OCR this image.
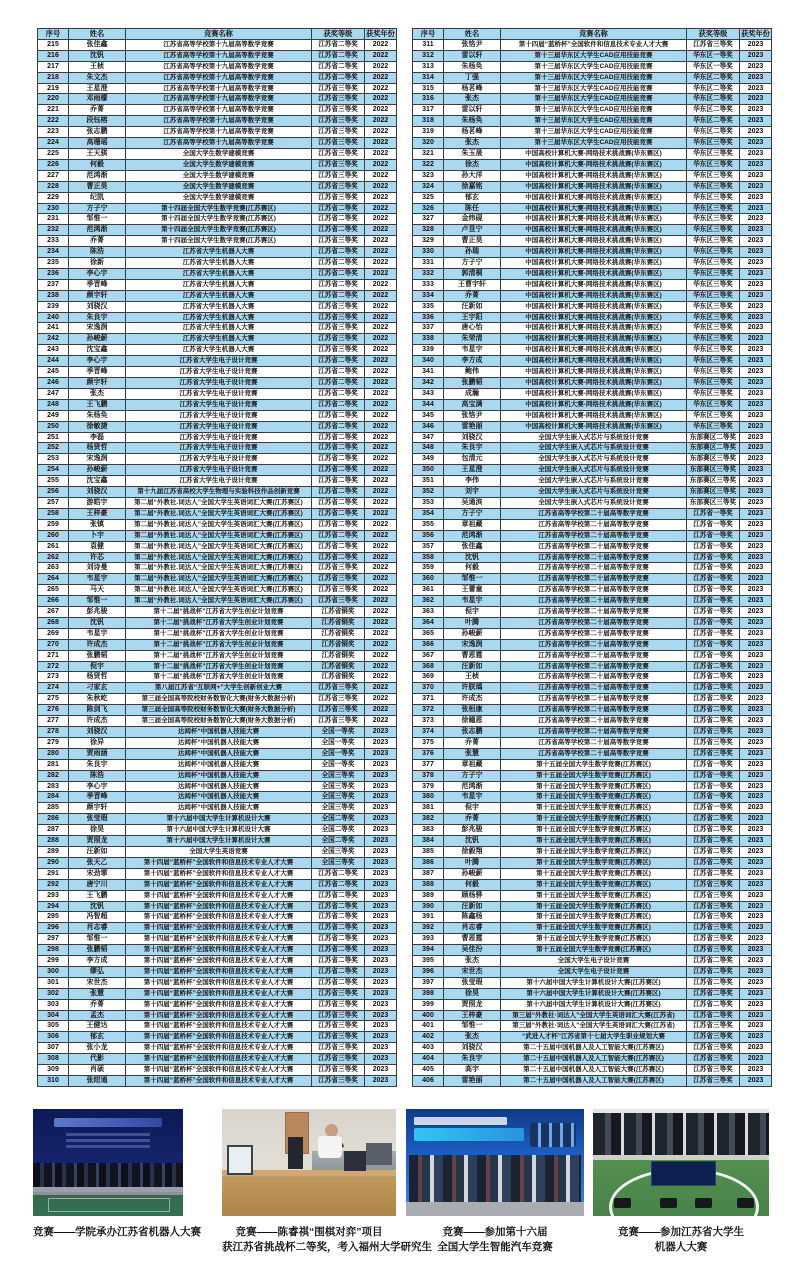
序号	姓名	竞赛名称	获奖等级	获奖年份
215	张佳鑫	江苏省高等学校第十九届高等数学竞赛	江苏省二等奖	2022
216	沈钒	江苏省高等学校第十九届高等数学竞赛	江苏省二等奖	2022
217	王桢	江苏省高等学校第十九届高等数学竞赛	江苏省二等奖	2022
218	朱文杰	江苏省高等学校第十九届高等数学竞赛	江苏省二等奖	2022
219	王星澄	江苏省高等学校第十九届高等数学竞赛	江苏省三等奖	2022
220	邓雨檬	江苏省高等学校第十九届高等数学竞赛	江苏省三等奖	2022
221	乔菁	江苏省高等学校第十九届高等数学竞赛	江苏省三等奖	2022
222	段钰榕	江苏省高等学校第十九届高等数学竞赛	江苏省三等奖	2022
223	张志鹏	江苏省高等学校第十九届高等数学竞赛	江苏省三等奖	2022
224	高珊瑶	江苏省高等学校第十九届高等数学竞赛	江苏省三等奖	2022
225	王天骐	全国大学生数学建模竞赛	江苏省三等奖	2022
226	何毅	全国大学生数学建模竞赛	江苏省三等奖	2022
227	范鸿渐	全国大学生数学建模竞赛	江苏省三等奖	2022
228	曹正昊	全国大学生数学建模竞赛	江苏省三等奖	2022
229	纪凯	全国大学生数学建模竞赛	江苏省三等奖	2022
230	方子宁	第十四届全国大学生数学竞赛(江苏赛区)	江苏省二等奖	2022
231	邹惟一	第十四届全国大学生数学竞赛(江苏赛区)	江苏省二等奖	2022
232	范鸿渐	第十四届全国大学生数学竞赛(江苏赛区)	江苏省二等奖	2022
233	乔菁	第十四届全国大学生数学竞赛(江苏赛区)	江苏省三等奖	2022
234	陈浩	江苏省大学生机器人大赛	江苏省二等奖	2022
235	徐新	江苏省大学生机器人大赛	江苏省二等奖	2022
236	李心宇	江苏省大学生机器人大赛	江苏省二等奖	2022
237	季晋峰	江苏省大学生机器人大赛	江苏省二等奖	2022
238	颜宇轩	江苏省大学生机器人大赛	江苏省二等奖	2022
239	刘骁汉	江苏省大学生机器人大赛	江苏省三等奖	2022
240	朱良宇	江苏省大学生机器人大赛	江苏省三等奖	2022
241	宋逸润	江苏省大学生机器人大赛	江苏省三等奖	2022
242	孙峻薪	江苏省大学生机器人大赛	江苏省三等奖	2022
243	沈宝鑫	江苏省大学生机器人大赛	江苏省三等奖	2022
244	李心宇	江苏省大学生电子设计竞赛	江苏省二等奖	2022
245	季晋峰	江苏省大学生电子设计竞赛	江苏省二等奖	2022
246	颜宇轩	江苏省大学生电子设计竞赛	江苏省二等奖	2022
247	张杰	江苏省大学生电子设计竞赛	江苏省二等奖	2022
248	王飞鹏	江苏省大学生电子设计竞赛	江苏省二等奖	2022
249	朱杨奂	江苏省大学生电子设计竞赛	江苏省二等奖	2022
250	徐敏捷	江苏省大学生电子设计竞赛	江苏省二等奖	2022
251	李磊	江苏省大学生电子设计竞赛	江苏省二等奖	2022
252	杨贤哲	江苏省大学生电子设计竞赛	江苏省二等奖	2022
253	宋逸润	江苏省大学生电子设计竞赛	江苏省二等奖	2022
254	孙峻薪	江苏省大学生电子设计竞赛	江苏省二等奖	2022
255	沈宝鑫	江苏省大学生电子设计竞赛	江苏省二等奖	2022
256	刘骁汉	第十九届江苏省高校大学生物理与实验科技作品创新竞赛	江苏省二等奖	2022
257	游皓宇	第二届“外教社.词达人”全国大学生英语词汇大赛(江苏赛区)	江苏省二等奖	2022
258	王梓豪	第二届“外教社.词达人”全国大学生英语词汇大赛(江苏赛区)	江苏省二等奖	2022
259	张镇	第二届“外教社.词达人”全国大学生英语词汇大赛(江苏赛区)	江苏省二等奖	2022
260	卜宇	第二届“外教社.词达人”全国大学生英语词汇大赛(江苏赛区)	江苏省二等奖	2022
261	袁健	第二届“外教社.词达人”全国大学生英语词汇大赛(江苏赛区)	江苏省二等奖	2022
262	许芯	第二届“外教社.词达人”全国大学生英语词汇大赛(江苏赛区)	江苏省二等奖	2022
263	刘诗曼	第二届“外教社.词达人”全国大学生英语词汇大赛(江苏赛区)	江苏省三等奖	2022
264	韦星宇	第二届“外教社.词达人”全国大学生英语词汇大赛(江苏赛区)	江苏省三等奖	2022
265	马天	第二届“外教社.词达人”全国大学生英语词汇大赛(江苏赛区)	江苏省三等奖	2022
266	邹惟一	第二届“外教社.词达人”全国大学生英语词汇大赛(江苏赛区)	江苏省三等奖	2022
267	彭兆骏	第十二届“挑战杯”江苏省大学生创业计划竞赛	江苏省铜奖	2022
268	沈钒	第十二届“挑战杯”江苏省大学生创业计划竞赛	江苏省铜奖	2022
269	韦星宇	第十二届“挑战杯”江苏省大学生创业计划竞赛	江苏省铜奖	2022
270	许成杰	第十二届“挑战杯”江苏省大学生创业计划竞赛	江苏省铜奖	2022
271	张鹏韬	第十二届“挑战杯”江苏省大学生创业计划竞赛	江苏省铜奖	2022
272	倪宇	第十二届“挑战杯”江苏省大学生创业计划竞赛	江苏省铜奖	2022
273	杨贤哲	第十二届“挑战杯”江苏省大学生创业计划竞赛	江苏省铜奖	2022
274	刁家玄	第八届江苏省“互联网+”大学生创新创业大赛	江苏省三等奖	2022
275	朱秋屹	第三届全国高等院校财务数智化大赛(财务大数据分析)	江苏省三等奖	2022
276	陈剑飞	第三届全国高等院校财务数智化大赛(财务大数据分析)	江苏省三等奖	2022
277	许成杰	第三届全国高等院校财务数智化大赛(财务大数据分析)	江苏省三等奖	2022
278	刘骁汉	达闼杯“中国机器人技能大赛	全国一等奖	2023
279	徐异	达闼杯“中国机器人技能大赛	全国一等奖	2023
280	贾雨涵	达闼杯“中国机器人技能大赛	全国一等奖	2023
281	朱良宇	达闼杯“中国机器人技能大赛	全国一等奖	2023
282	陈浩	达闼杯“中国机器人技能大赛	全国三等奖	2023
283	李心宇	达闼杯“中国机器人技能大赛	全国三等奖	2023
284	季晋峰	达闼杯“中国机器人技能大赛	全国三等奖	2023
285	颜宇轩	达闼杯“中国机器人技能大赛	全国三等奖	2023
286	张莹瑕	第十六届中国大学生计算机设计大赛	全国二等奖	2023
287	徐昊	第十六届中国大学生计算机设计大赛	全国二等奖	2023
288	贾照龙	第十六届中国大学生计算机设计大赛	全国二等奖	2023
289	汪新如	全国大学生英语竞赛	全国三等奖	2023
290	张天乙	第十四届“蓝桥杯”全国软件和信息技术专业人才大赛	全国三等奖	2023
291	宋劲霏	第十四届“蓝桥杯”全国软件和信息技术专业人才大赛	江苏省二等奖	2023
292	唐宁川	第十四届“蓝桥杯”全国软件和信息技术专业人才大赛	江苏省二等奖	2023
293	王飞鹏	第十四届“蓝桥杯”全国软件和信息技术专业人才大赛	江苏省二等奖	2023
294	沈钒	第十四届“蓝桥杯”全国软件和信息技术专业人才大赛	江苏省二等奖	2023
295	冯智超	第十四届“蓝桥杯”全国软件和信息技术专业人才大赛	江苏省二等奖	2023
296	肖志睿	第十四届“蓝桥杯”全国软件和信息技术专业人才大赛	江苏省二等奖	2023
297	邹惟一	第十四届“蓝桥杯”全国软件和信息技术专业人才大赛	江苏省二等奖	2023
298	张鹏韬	第十四届“蓝桥杯”全国软件和信息技术专业人才大赛	江苏省二等奖	2023
299	李方成	第十四届“蓝桥杯”全国软件和信息技术专业人才大赛	江苏省二等奖	2023
300	缪弘	第十四届“蓝桥杯”全国软件和信息技术专业人才大赛	江苏省二等奖	2023
301	宋世杰	第十四届“蓝桥杯”全国软件和信息技术专业人才大赛	江苏省二等奖	2023
302	张慧	第十四届“蓝桥杯”全国软件和信息技术专业人才大赛	江苏省三等奖	2023
303	乔菁	第十四届“蓝桥杯”全国软件和信息技术专业人才大赛	江苏省三等奖	2023
304	孟杰	第十四届“蓝桥杯”全国软件和信息技术专业人才大赛	江苏省三等奖	2023
305	王健达	第十四届“蓝桥杯”全国软件和信息技术专业人才大赛	江苏省三等奖	2023
306	郁玄	第十四届“蓝桥杯”全国软件和信息技术专业人才大赛	江苏省三等奖	2023
307	张小龙	第十四届“蓝桥杯”全国软件和信息技术专业人才大赛	江苏省三等奖	2023
308	代影	第十四届“蓝桥杯”全国软件和信息技术专业人才大赛	江苏省三等奖	2023
309	肖硕	第十四届“蓝桥杯”全国软件和信息技术专业人才大赛	江苏省三等奖	2023
310	张绀通	第十四届“蓝桥杯”全国软件和信息技术专业人才大赛	江苏省三等奖	2023
序号	姓名	竞赛名称	获奖等级	获奖年份
311	张恪尹	第十四届“蓝桥杯”全国软件和信息技术专业人才大赛	江苏省三等奖	2023
312	雷以轩	第十三届华东区大学生CAD应用技能竞赛	华东区一等奖	2023
313	朱杨奂	第十三届华东区大学生CAD应用技能竞赛	华东区一等奖	2023
314	丁强	第十三届华东区大学生CAD应用技能竞赛	华东区二等奖	2023
315	杨茗峰	第十三届华东区大学生CAD应用技能竞赛	华东区二等奖	2023
316	张杰	第十三届华东区大学生CAD应用技能竞赛	华东区二等奖	2023
317	雷以轩	第十三届华东区大学生CAD应用技能竞赛	华东区二等奖	2023
318	朱杨奂	第十三届华东区大学生CAD应用技能竞赛	华东区二等奖	2023
319	杨茗峰	第十三届华东区大学生CAD应用技能竞赛	华东区二等奖	2023
320	张杰	第十三届华东区大学生CAD应用技能竞赛	华东区三等奖	2023
321	朱玉晟	中国高校计算机大赛-网络技术挑战赛(华东赛区)	华东区三等奖	2023
322	徐杰	中国高校计算机大赛-网络技术挑战赛(华东赛区)	华东区三等奖	2023
323	孙大洋	中国高校计算机大赛-网络技术挑战赛(华东赛区)	华东区三等奖	2023
324	徐嘉铭	中国高校计算机大赛-网络技术挑战赛(华东赛区)	华东区三等奖	2023
325	郁玄	中国高校计算机大赛-网络技术挑战赛(华东赛区)	华东区三等奖	2023
326	陈任	中国高校计算机大赛-网络技术挑战赛(华东赛区)	华东区三等奖	2023
327	金炜砚	中国高校计算机大赛-网络技术挑战赛(华东赛区)	华东区三等奖	2023
328	卢昱宁	中国高校计算机大赛-网络技术挑战赛(华东赛区)	华东区三等奖	2023
329	曹正昊	中国高校计算机大赛-网络技术挑战赛(华东赛区)	华东区三等奖	2023
330	孙瑞	中国高校计算机大赛-网络技术挑战赛(华东赛区)	华东区三等奖	2023
331	方子宁	中国高校计算机大赛-网络技术挑战赛(华东赛区)	华东区三等奖	2023
332	郭清桐	中国高校计算机大赛-网络技术挑战赛(华东赛区)	华东区三等奖	2023
333	王曹宇轩	中国高校计算机大赛-网络技术挑战赛(华东赛区)	华东区三等奖	2023
334	乔菁	中国高校计算机大赛-网络技术挑战赛(华东赛区)	华东区三等奖	2023
335	汪新如	中国高校计算机大赛-网络技术挑战赛(华东赛区)	华东区三等奖	2023
336	王宇阳	中国高校计算机大赛-网络技术挑战赛(华东赛区)	华东区三等奖	2023
337	唐心怡	中国高校计算机大赛-网络技术挑战赛(华东赛区)	华东区三等奖	2023
338	朱荣清	中国高校计算机大赛-网络技术挑战赛(华东赛区)	华东区三等奖	2023
339	韦星宇	中国高校计算机大赛-网络技术挑战赛(华东赛区)	华东区三等奖	2023
340	李方成	中国高校计算机大赛-网络技术挑战赛(华东赛区)	华东区三等奖	2023
341	鲍伟	中国高校计算机大赛-网络技术挑战赛(华东赛区)	华东区三等奖	2023
342	张鹏韬	中国高校计算机大赛-网络技术挑战赛(华东赛区)	华东区三等奖	2023
343	成瀚	中国高校计算机大赛-网络技术挑战赛(华东赛区)	华东区三等奖	2023
344	高宝满	中国高校计算机大赛-网络技术挑战赛(华东赛区)	华东区三等奖	2023
345	张恪尹	中国高校计算机大赛-网络技术挑战赛(华东赛区)	华东区三等奖	2023
346	雷艳丽	中国高校计算机大赛-网络技术挑战赛(华东赛区)	华东区三等奖	2023
347	刘骁汉	全国大学生嵌入式芯片与系统设计竞赛	东部赛区二等奖	2023
348	朱良宇	全国大学生嵌入式芯片与系统设计竞赛	东部赛区二等奖	2023
349	包清元	全国大学生嵌入式芯片与系统设计竞赛	东部赛区三等奖	2023
350	王星澄	全国大学生嵌入式芯片与系统设计竞赛	东部赛区三等奖	2023
351	李伟	全国大学生嵌入式芯片与系统设计竞赛	东部赛区三等奖	2023
352	刘宇	全国大学生嵌入式芯片与系统设计竞赛	东部赛区三等奖	2023
353	吴通滨	全国大学生嵌入式芯片与系统设计竞赛	东部赛区三等奖	2023
354	方子宁	江苏省高等学校第二十届高等数学竞赛	江苏省一等奖	2023
355	章祖藏	江苏省高等学校第二十届高等数学竞赛	江苏省一等奖	2023
356	范鸿渐	江苏省高等学校第二十届高等数学竞赛	江苏省一等奖	2023
357	张佳鑫	江苏省高等学校第二十届高等数学竞赛	江苏省一等奖	2023
358	沈钒	江苏省高等学校第二十届高等数学竞赛	江苏省一等奖	2023
359	何毅	江苏省高等学校第二十届高等数学竞赛	江苏省一等奖	2023
360	邹惟一	江苏省高等学校第二十届高等数学竞赛	江苏省一等奖	2023
361	王蕾童	江苏省高等学校第二十届高等数学竞赛	江苏省一等奖	2023
362	韦星宇	江苏省高等学校第二十届高等数学竞赛	江苏省一等奖	2023
363	倪宇	江苏省高等学校第二十届高等数学竞赛	江苏省一等奖	2023
364	叶腾	江苏省高等学校第二十届高等数学竞赛	江苏省一等奖	2023
365	孙峻薪	江苏省高等学校第二十届高等数学竞赛	江苏省一等奖	2023
366	宋逸润	江苏省高等学校第二十届高等数学竞赛	江苏省一等奖	2023
367	曹恩霆	江苏省高等学校第二十届高等数学竞赛	江苏省一等奖	2023
368	汪新如	江苏省高等学校第二十届高等数学竞赛	江苏省二等奖	2023
369	王桢	江苏省高等学校第二十届高等数学竞赛	江苏省二等奖	2023
370	许朕瑀	江苏省高等学校第二十届高等数学竞赛	江苏省二等奖	2023
371	许成杰	江苏省高等学校第二十届高等数学竞赛	江苏省二等奖	2023
372	张桓康	江苏省高等学校第二十届高等数学竞赛	江苏省二等奖	2023
373	徐曈恩	江苏省高等学校第二十届高等数学竞赛	江苏省二等奖	2023
374	张志鹏	江苏省高等学校第二十届高等数学竞赛	江苏省三等奖	2023
375	乔菁	江苏省高等学校第二十届高等数学竞赛	江苏省三等奖	2023
376	张慧	江苏省高等学校第二十届高等数学竞赛	江苏省三等奖	2023
377	章祖藏	第十五届全国大学生数学竞赛(江苏赛区)	江苏省一等奖	2023
378	方子宁	第十五届全国大学生数学竞赛(江苏赛区)	江苏省一等奖	2023
379	范鸿渐	第十五届全国大学生数学竞赛(江苏赛区)	江苏省一等奖	2023
380	韦星宇	第十五届全国大学生数学竞赛(江苏赛区)	江苏省一等奖	2023
381	倪宇	第十五届全国大学生数学竞赛(江苏赛区)	江苏省一等奖	2023
382	乔菁	第十五届全国大学生数学竞赛(江苏赛区)	江苏省二等奖	2023
383	彭兆骏	第十五届全国大学生数学竞赛(江苏赛区)	江苏省二等奖	2023
384	沈钒	第十五届全国大学生数学竞赛(江苏赛区)	江苏省二等奖	2023
385	徐毅翔	第十五届全国大学生数学竞赛(江苏赛区)	江苏省二等奖	2023
386	叶腾	第十五届全国大学生数学竞赛(江苏赛区)	江苏省二等奖	2023
387	孙峻薪	第十五届全国大学生数学竞赛(江苏赛区)	江苏省二等奖	2023
388	何毅	第十五届全国大学生数学竞赛(江苏赛区)	江苏省三等奖	2023
389	顾杨骅	第十五届全国大学生数学竞赛(江苏赛区)	江苏省三等奖	2023
390	汪新如	第十五届全国大学生数学竞赛(江苏赛区)	江苏省三等奖	2023
391	陈鑫杨	第十五届全国大学生数学竞赛(江苏赛区)	江苏省三等奖	2023
392	肖志睿	第十五届全国大学生数学竞赛(江苏赛区)	江苏省三等奖	2023
393	曹恩霆	第十五届全国大学生数学竞赛(江苏赛区)	江苏省三等奖	2023
394	吴佳汾	第十五届全国大学生数学竞赛(江苏赛区)	江苏省三等奖	2023
395	张杰	全国大学生电子设计竞赛	江苏省二等奖	2023
396	宋世杰	全国大学生电子设计竞赛	江苏省二等奖	2023
397	张莹瑕	第十六届中国大学生计算机设计大赛(江苏赛区)	江苏省二等奖	2023
398	徐昊	第十六届中国大学生计算机设计大赛(江苏赛区)	江苏省二等奖	2023
399	贾照龙	第十六届中国大学生计算机设计大赛(江苏赛区)	江苏省二等奖	2023
400	王梓豪	第三届“外教社·词达人”全国大学生英语词汇大赛(江苏省)	江苏省二等奖	2023
401	邹惟一	第三届“外教社·词达人”全国大学生英语词汇大赛(江苏省)	江苏省三等奖	2023
402	张杰	“武进人才杯”江苏省第十七届大学生职业规划大赛	江苏省三等奖	2023
403	刘骁汉	第二十五届中国机器人及人工智能大赛(江苏赛区)	江苏省三等奖	2023
404	朱良宇	第二十五届中国机器人及人工智能大赛(江苏赛区)	江苏省三等奖	2023
405	高宇	第二十五届中国机器人及人工智能大赛(江苏赛区)	江苏省三等奖	2023
406	雷艳丽	第二十五届中国机器人及人工智能大赛(江苏赛区)	江苏省三等奖	2023
竞赛——学院承办江苏省机器人大赛	竞赛——陈睿祺“围棋对弈”项目
获江苏省挑战杯二等奖，考入福州大学研究生
竞赛——参加第十六届
全国大学生智能汽车竞赛
竞赛——参加江苏省大学生
机器人大赛
